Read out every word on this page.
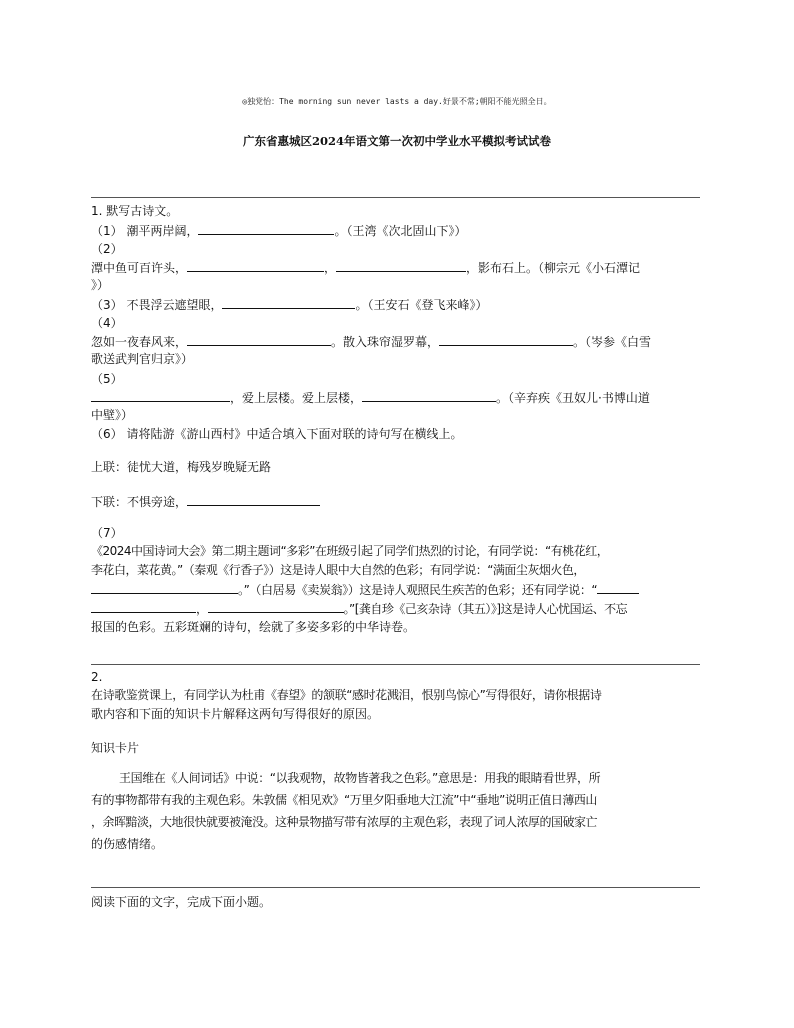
◎独党怡：The morning sun never lasts a day.好景不常;朝阳不能光照全日。
广东省惠城区2024年语文第一次初中学业水平模拟考试试卷
1. 默写古诗文。
（1） 潮平两岸阔，	。（王湾《次北固山下》）
（2）
潭中鱼可百许头，	，	，影布石上。（柳宗元《小石潭记
》）
（3） 不畏浮云遮望眼，	。（王安石《登飞来峰》）
（4）
忽如一夜春风来，	。散入珠帘湿罗幕，	。（岑参《白雪
歌送武判官归京》）
（5）
，爱上层楼。爱上层楼，	。（辛弃疾《丑奴儿·书博山道
中壁》）
（6） 请将陆游《游山西村》中适合填入下面对联的诗句写在横线上。
上联：徒忧大道，梅残岁晚疑无路
下联：不惧旁途，
（7）
《2024中国诗词大会》第二期主题词“多彩”在班级引起了同学们热烈的讨论，有同学说：“有桃花红，
李花白，菜花黄。”（秦观《行香子》）这是诗人眼中大自然的色彩；有同学说：“满面尘灰烟火色，
。”（白居易《卖炭翁》）这是诗人观照民生疾苦的色彩；还有同学说：“
，	。”[龚自珍《己亥杂诗（其五）》]这是诗人心忧国运、不忘
报国的色彩。五彩斑斓的诗句，绘就了多姿多彩的中华诗卷。
2.
在诗歌鉴赏课上，有同学认为杜甫《春望》的颔联“感时花溅泪，恨别鸟惊心”写得很好，请你根据诗
歌内容和下面的知识卡片解释这两句写得很好的原因。
知识卡片
王国维在《人间词话》中说：“以我观物，故物皆著我之色彩。”意思是：用我的眼睛看世界，所
有的事物都带有我的主观色彩。朱敦儒《相见欢》“万里夕阳垂地大江流”中“垂地”说明正值日薄西山
，余晖黯淡，大地很快就要被淹没。这种景物描写带有浓厚的主观色彩，表现了词人浓厚的国破家亡
的伤感情绪。
阅读下面的文字，完成下面小题。
